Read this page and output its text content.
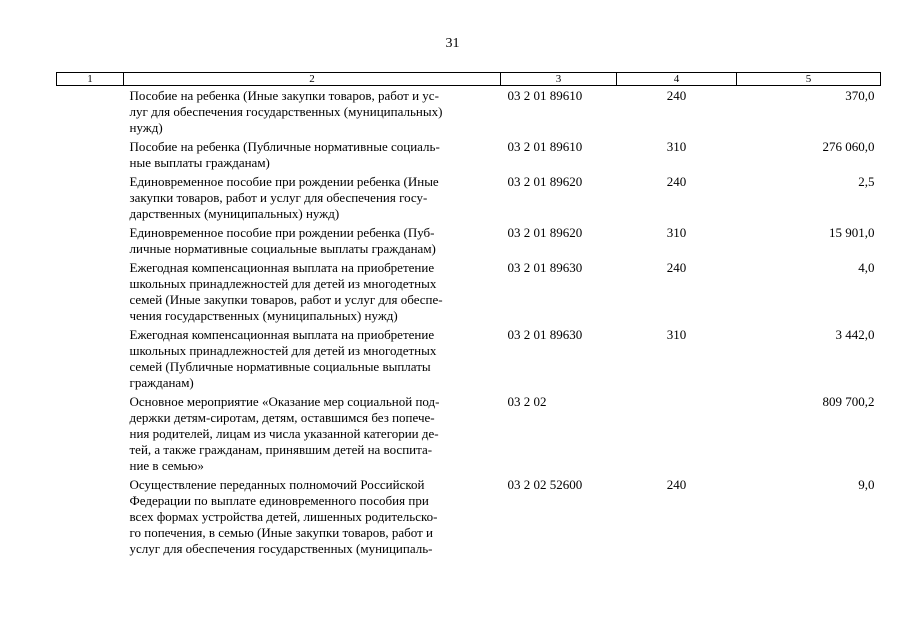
31
1	2	3	4	5

	Пособие на ребенка (Иные закупки товаров, работ и ус-
луг для обеспечения государственных (муниципальных)
нужд)	03 2 01 89610	240	370,0

	Пособие на ребенка (Публичные нормативные социаль-
ные выплаты гражданам)	03 2 01 89610	310	276 060,0

	Единовременное пособие при рождении ребенка (Иные
закупки товаров, работ и услуг для обеспечения госу-
дарственных (муниципальных) нужд)	03 2 01 89620	240	2,5

	Единовременное пособие при рождении ребенка (Пуб-
личные нормативные социальные выплаты гражданам)	03 2 01 89620	310	15 901,0

	Ежегодная компенсационная выплата на приобретение
школьных принадлежностей для детей из многодетных
семей (Иные закупки товаров, работ и услуг для обеспе-
чения государственных (муниципальных) нужд)	03 2 01 89630	240	4,0

	Ежегодная компенсационная выплата на приобретение
школьных принадлежностей для детей из многодетных
семей (Публичные нормативные социальные выплаты
гражданам)	03 2 01 89630	310	3 442,0

	Основное мероприятие «Оказание мер социальной под-
держки детям-сиротам, детям, оставшимся без попече-
ния родителей, лицам из числа указанной категории де-
тей, а также гражданам, принявшим детей на воспита-
ние в семью»	03 2 02		809 700,2

	Осуществление переданных полномочий Российской
Федерации по выплате единовременного пособия при
всех формах устройства детей, лишенных родительско-
го попечения, в семью (Иные закупки товаров, работ и
услуг для обеспечения государственных (муниципаль-	03 2 02 52600	240	9,0
